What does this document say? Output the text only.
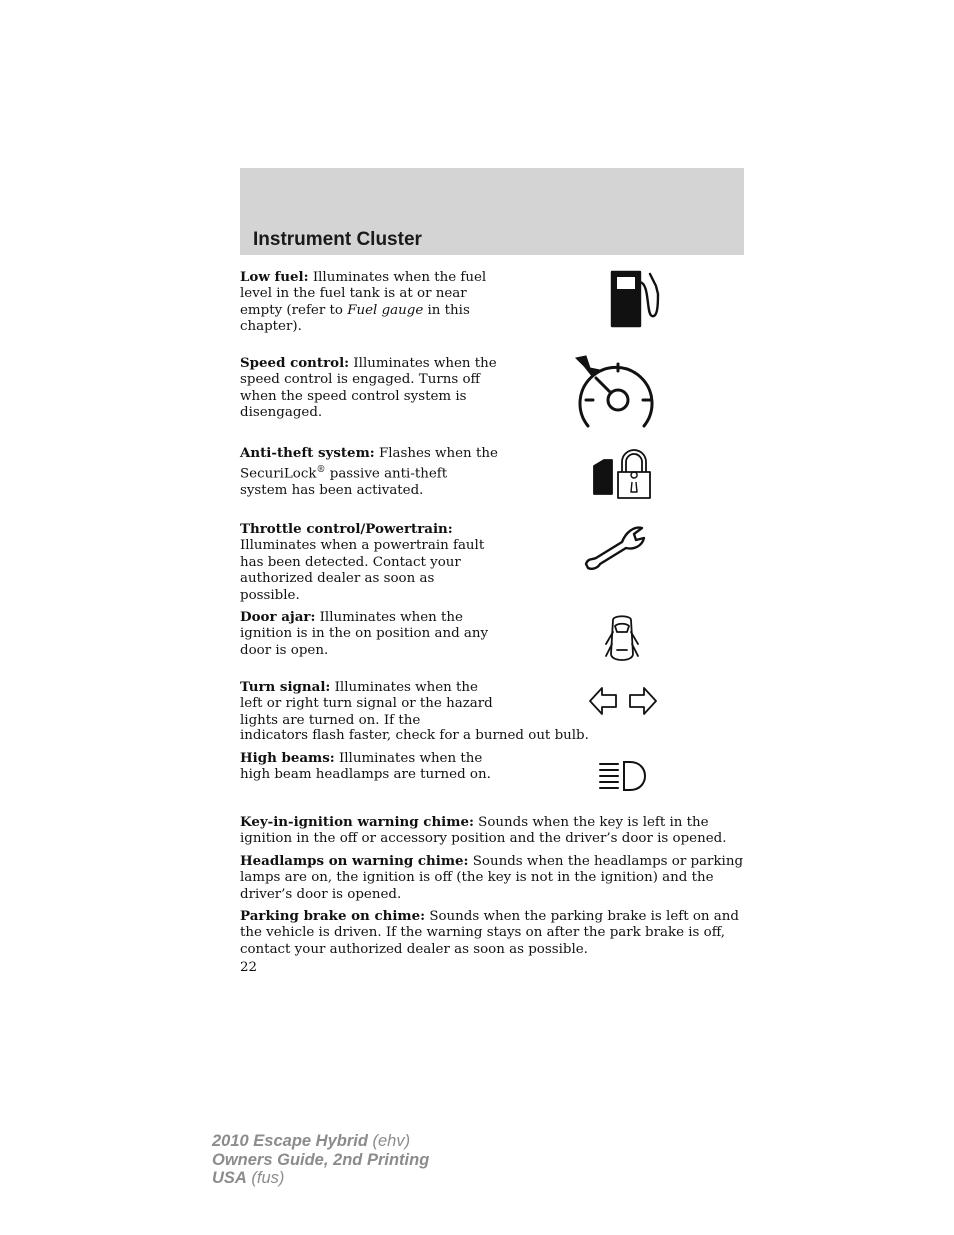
Instrument Cluster
Low fuel: Illuminates when the fuel level in the fuel tank is at or near empty (refer to Fuel gauge in this chapter).
Speed control: Illuminates when the speed control is engaged. Turns off when the speed control system is disengaged.
Anti-theft system: Flashes when the SecuriLock® passive anti-theft system has been activated.
Throttle control/Powertrain: Illuminates when a powertrain fault has been detected. Contact your authorized dealer as soon as possible.
Door ajar: Illuminates when the ignition is in the on position and any door is open.
Turn signal: Illuminates when the left or right turn signal or the hazard lights are turned on. If the
indicators flash faster, check for a burned out bulb.
High beams: Illuminates when the high beam headlamps are turned on.
Key-in-ignition warning chime: Sounds when the key is left in the ignition in the off or accessory position and the driver’s door is opened.
Headlamps on warning chime: Sounds when the headlamps or parking lamps are on, the ignition is off (the key is not in the ignition) and the driver’s door is opened.
Parking brake on chime: Sounds when the parking brake is left on and the vehicle is driven. If the warning stays on after the park brake is off, contact your authorized dealer as soon as possible.
22
2010 Escape Hybrid (ehv)
Owners Guide, 2nd Printing
USA (fus)
